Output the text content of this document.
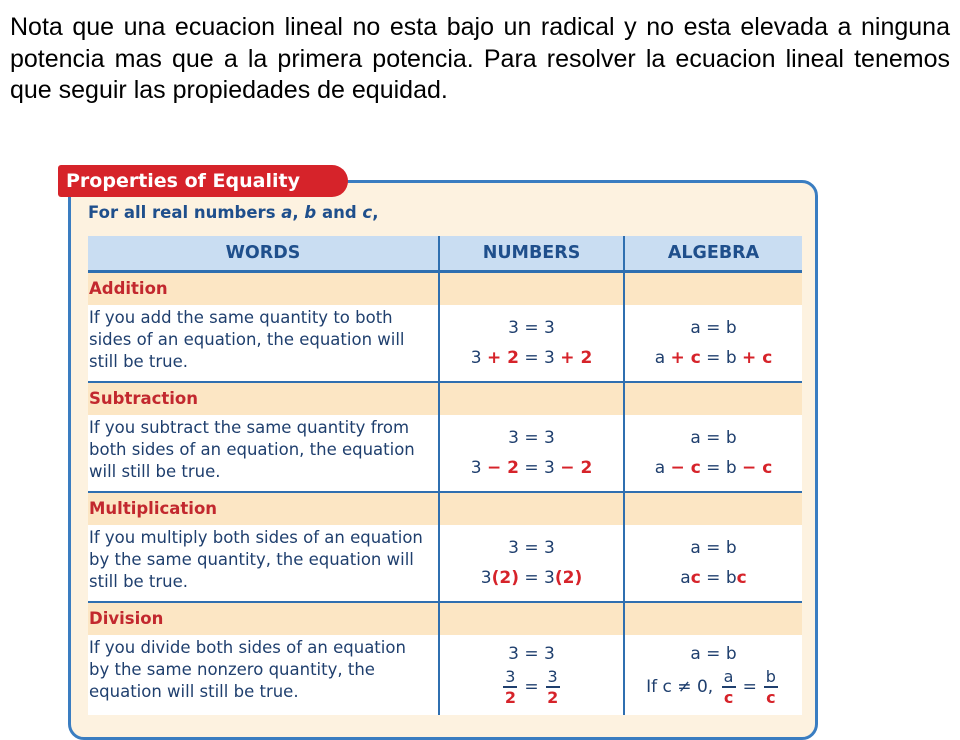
Nota que una ecuacion lineal no esta bajo un radical y no esta elevada a ninguna potencia mas que a la primera potencia. Para resolver la ecuacion lineal tenemos que seguir las propiedades de equidad.
Properties of Equality
For all real numbers a, b and c,
WORDS	NUMBERS	ALGEBRA
Addition
If you add the same quantity to both sides of an equation, the equation will still be true.
3 = 3
3 + 2 = 3 + 2
a = b
a + c = b + c
Subtraction
If you subtract the same quantity from both sides of an equation, the equation will still be true.
3 = 3
3 − 2 = 3 − 2
a = b
a − c = b − c
Multiplication
If you multiply both sides of an equation by the same quantity, the equation will still be true.
3 = 3
3 (2) = 3 (2)
a = b
a c = b c
Division
If you divide both sides of an equation by the same nonzero quantity, the equation will still be true.
3 = 3
$\frac{3}{2} = \frac{3}{2}$
a = b
If c ≠ 0, $\frac{a}{c} = \frac{b}{c}$
